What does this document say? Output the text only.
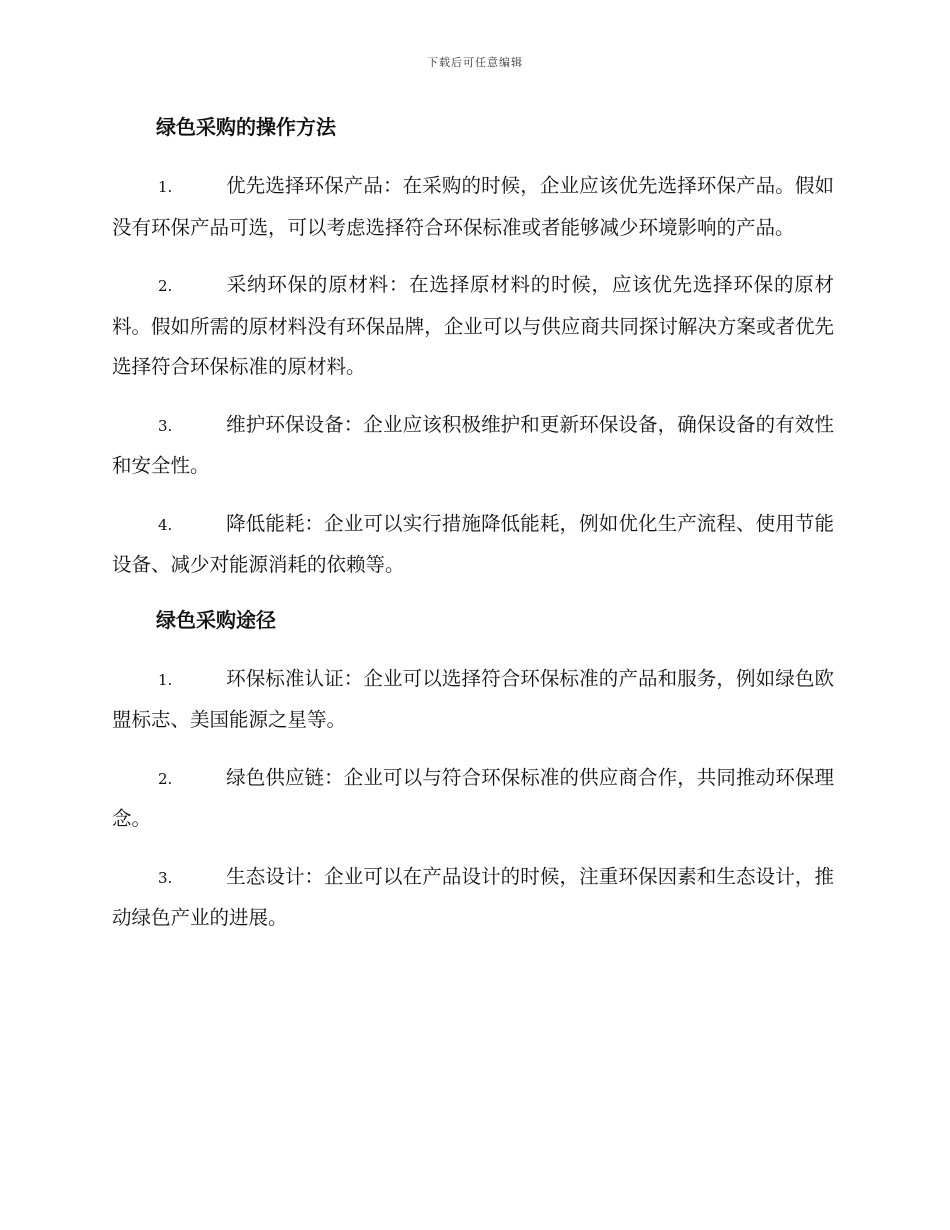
下载后可任意编辑
绿色采购的操作方法

1.	优先选择环保产品：在采购的时候，企业应该优先选择环保产品。假如没有环保产品可选，可以考虑选择符合环保标准或者能够减少环境影响的产品。

2.	采纳环保的原材料：在选择原材料的时候，应该优先选择环保的原材料。假如所需的原材料没有环保品牌，企业可以与供应商共同探讨解决方案或者优先选择符合环保标准的原材料。

3.	维护环保设备：企业应该积极维护和更新环保设备，确保设备的有效性和安全性。

4.	降低能耗：企业可以实行措施降低能耗，例如优化生产流程、使用节能设备、减少对能源消耗的依赖等。

绿色采购途径

1.	环保标准认证：企业可以选择符合环保标准的产品和服务，例如绿色欧盟标志、美国能源之星等。

2.	绿色供应链：企业可以与符合环保标准的供应商合作，共同推动环保理念。

3.	生态设计：企业可以在产品设计的时候，注重环保因素和生态设计，推动绿色产业的进展。
